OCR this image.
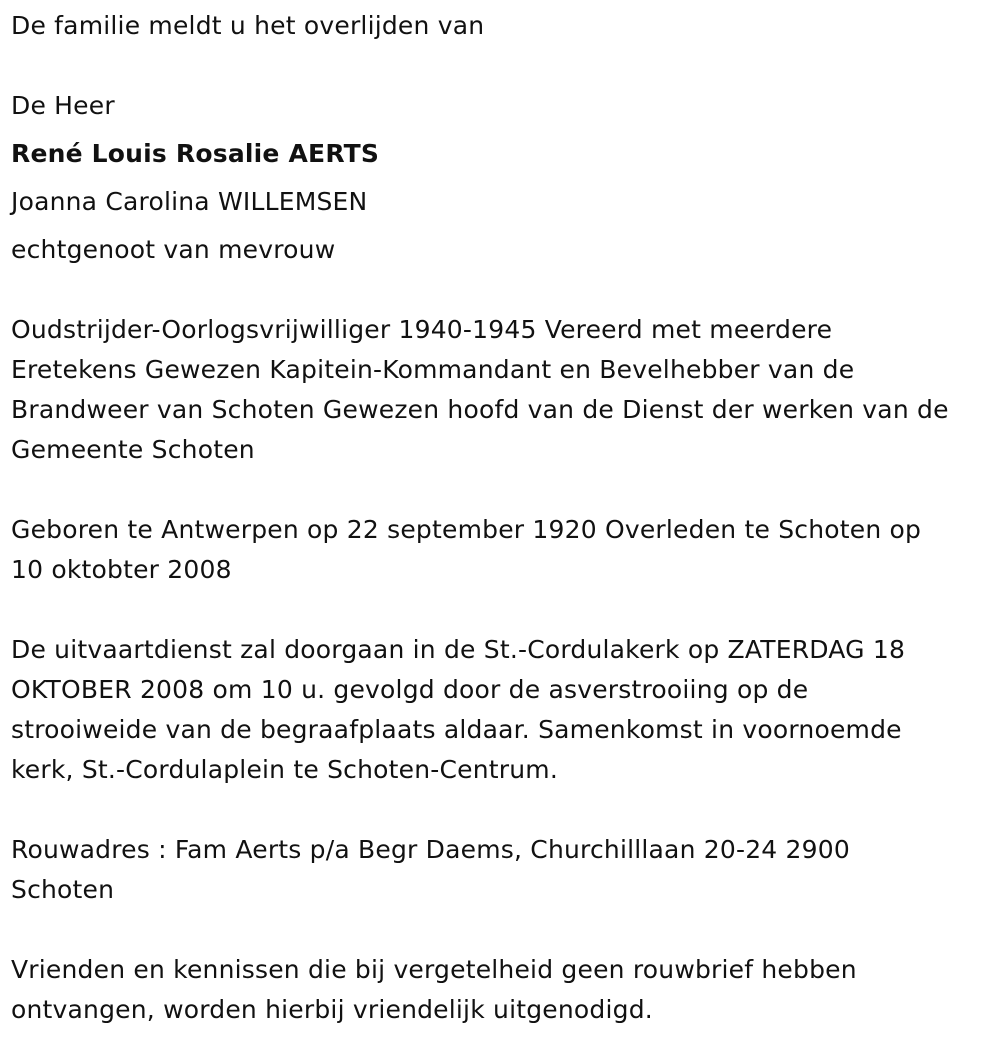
De familie meldt u het overlijden van

De Heer

René Louis Rosalie AERTS

Joanna Carolina WILLEMSEN

echtgenoot van mevrouw

Oudstrijder-Oorlogsvrijwilliger 1940-1945 Vereerd met meerdere

Eretekens Gewezen Kapitein-Kommandant en Bevelhebber van de

Brandweer van Schoten Gewezen hoofd van de Dienst der werken van de

Gemeente Schoten

Geboren te Antwerpen op 22 september 1920 Overleden te Schoten op

10 oktobter 2008

De uitvaartdienst zal doorgaan in de St.-Cordulakerk op ZATERDAG 18

OKTOBER 2008 om 10 u. gevolgd door de asverstrooiing op de

strooiweide van de begraafplaats aldaar. Samenkomst in voornoemde

kerk, St.-Cordulaplein te Schoten-Centrum.

Rouwadres : Fam Aerts p/a Begr Daems, Churchilllaan 20-24 2900

Schoten

Vrienden en kennissen die bij vergetelheid geen rouwbrief hebben

ontvangen, worden hierbij vriendelijk uitgenodigd.
